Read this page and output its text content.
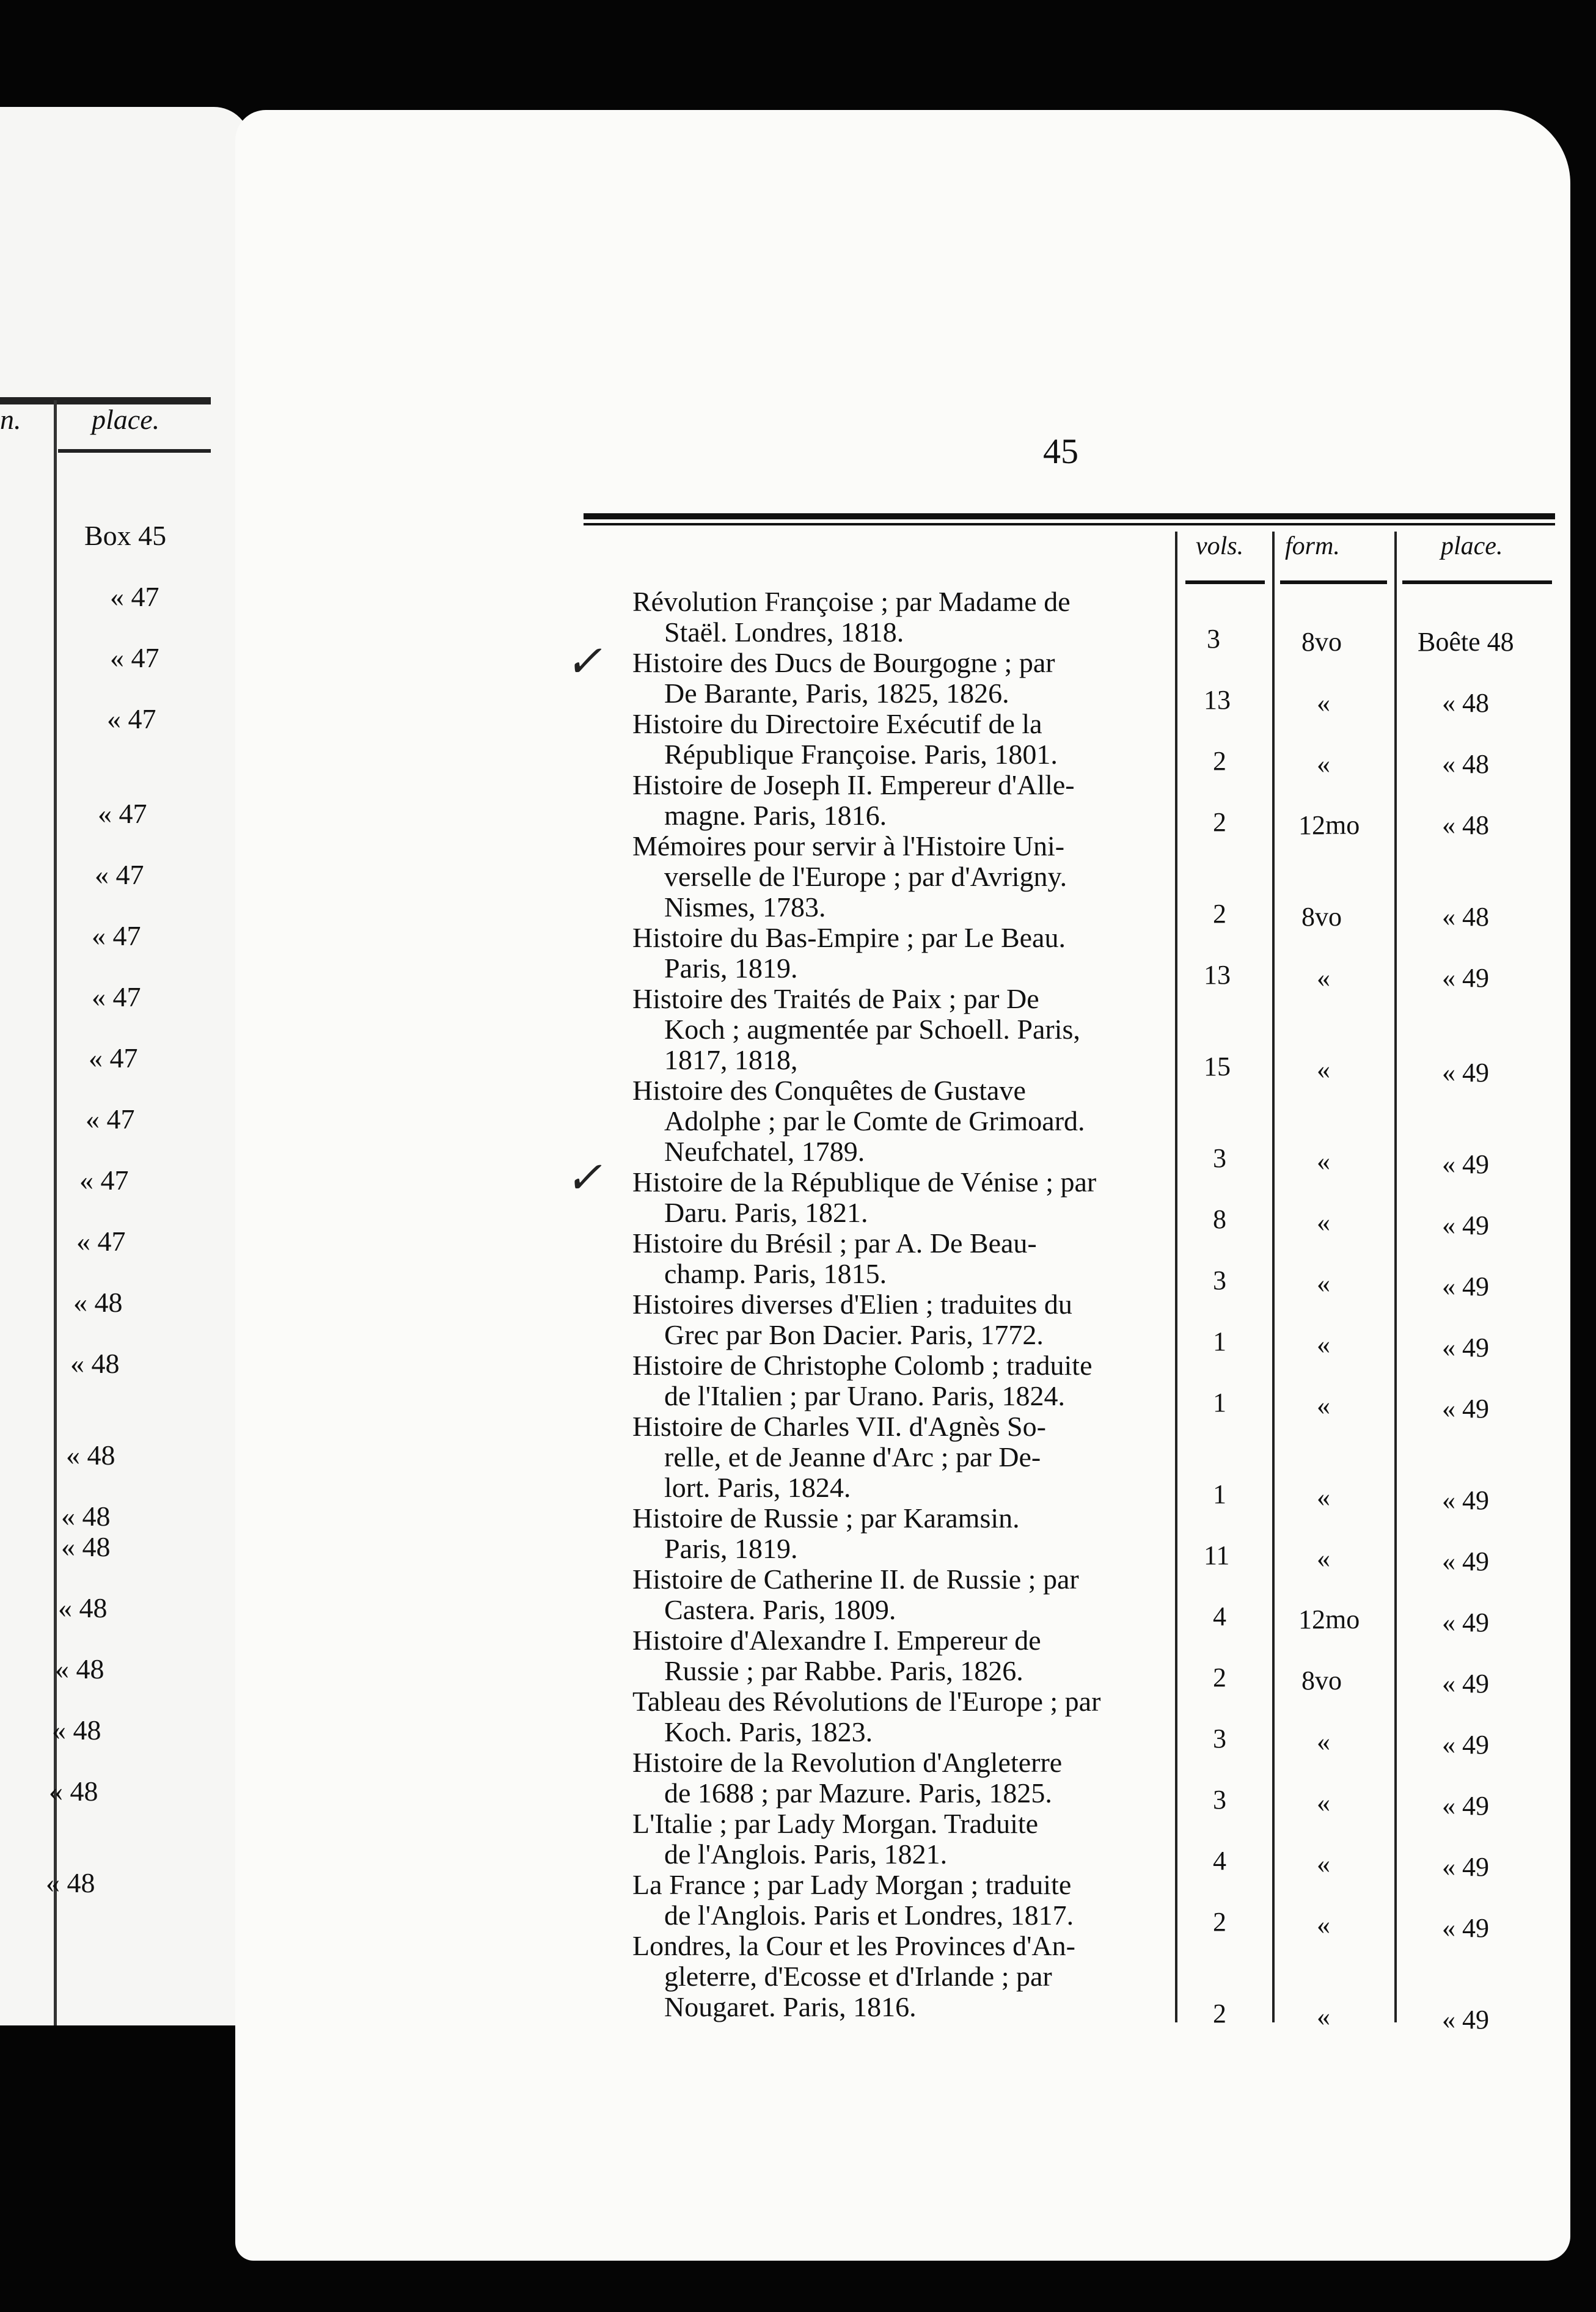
n.	place.
Box 45
« 47
« 47
« 47
« 47
« 47
« 47
« 47
« 47
« 47
« 47
« 47
« 48
« 48
« 48
« 48
« 48
« 48
« 48
« 48
« 48
« 48
45
vols. form.	place.
✓
✓
Révolution Françoise ; par Madame de
Staël. Londres, 1818.	3	8vo	Boête 48
Histoire des Ducs de Bourgogne ; par
De Barante, Paris, 1825, 1826.	13	«	« 48
Histoire du Directoire Exécutif de la
République Françoise. Paris, 1801.	2	«	« 48
Histoire de Joseph II. Empereur d'Alle-
magne. Paris, 1816.	2	12mo	« 48
Mémoires pour servir à l'Histoire Uni-
verselle de l'Europe ; par d'Avrigny.
Nismes, 1783.	2	8vo	« 48
Histoire du Bas-Empire ; par Le Beau.
Paris, 1819.	13	«	« 49
Histoire des Traités de Paix ; par De
Koch ; augmentée par Schoell. Paris,
1817, 1818,	15	«	« 49
Histoire des Conquêtes de Gustave
Adolphe ; par le Comte de Grimoard.
Neufchatel, 1789.	3	«	« 49
Histoire de la République de Vénise ; par
Daru. Paris, 1821.	8	«	« 49
Histoire du Brésil ; par A. De Beau-
champ. Paris, 1815.	3	«	« 49
Histoires diverses d'Elien ; traduites du
Grec par Bon Dacier. Paris, 1772.	1	«	« 49
Histoire de Christophe Colomb ; traduite
de l'Italien ; par Urano. Paris, 1824.	1	«	« 49
Histoire de Charles VII. d'Agnès So-
relle, et de Jeanne d'Arc ; par De-
lort. Paris, 1824.	1	«	« 49
Histoire de Russie ; par Karamsin.
Paris, 1819.	11	«	« 49
Histoire de Catherine II. de Russie ; par
Castera. Paris, 1809.	4	12mo	« 49
Histoire d'Alexandre I. Empereur de
Russie ; par Rabbe. Paris, 1826.	2	8vo	« 49
Tableau des Révolutions de l'Europe ; par
Koch. Paris, 1823.	3	«	« 49
Histoire de la Revolution d'Angleterre
de 1688 ; par Mazure. Paris, 1825.	3	«	« 49
L'Italie ; par Lady Morgan. Traduite
de l'Anglois. Paris, 1821.	4	«	« 49
La France ; par Lady Morgan ; traduite
de l'Anglois. Paris et Londres, 1817.	2	«	« 49
Londres, la Cour et les Provinces d'An-
gleterre, d'Ecosse et d'Irlande ; par
Nougaret. Paris, 1816.	2	«	« 49
